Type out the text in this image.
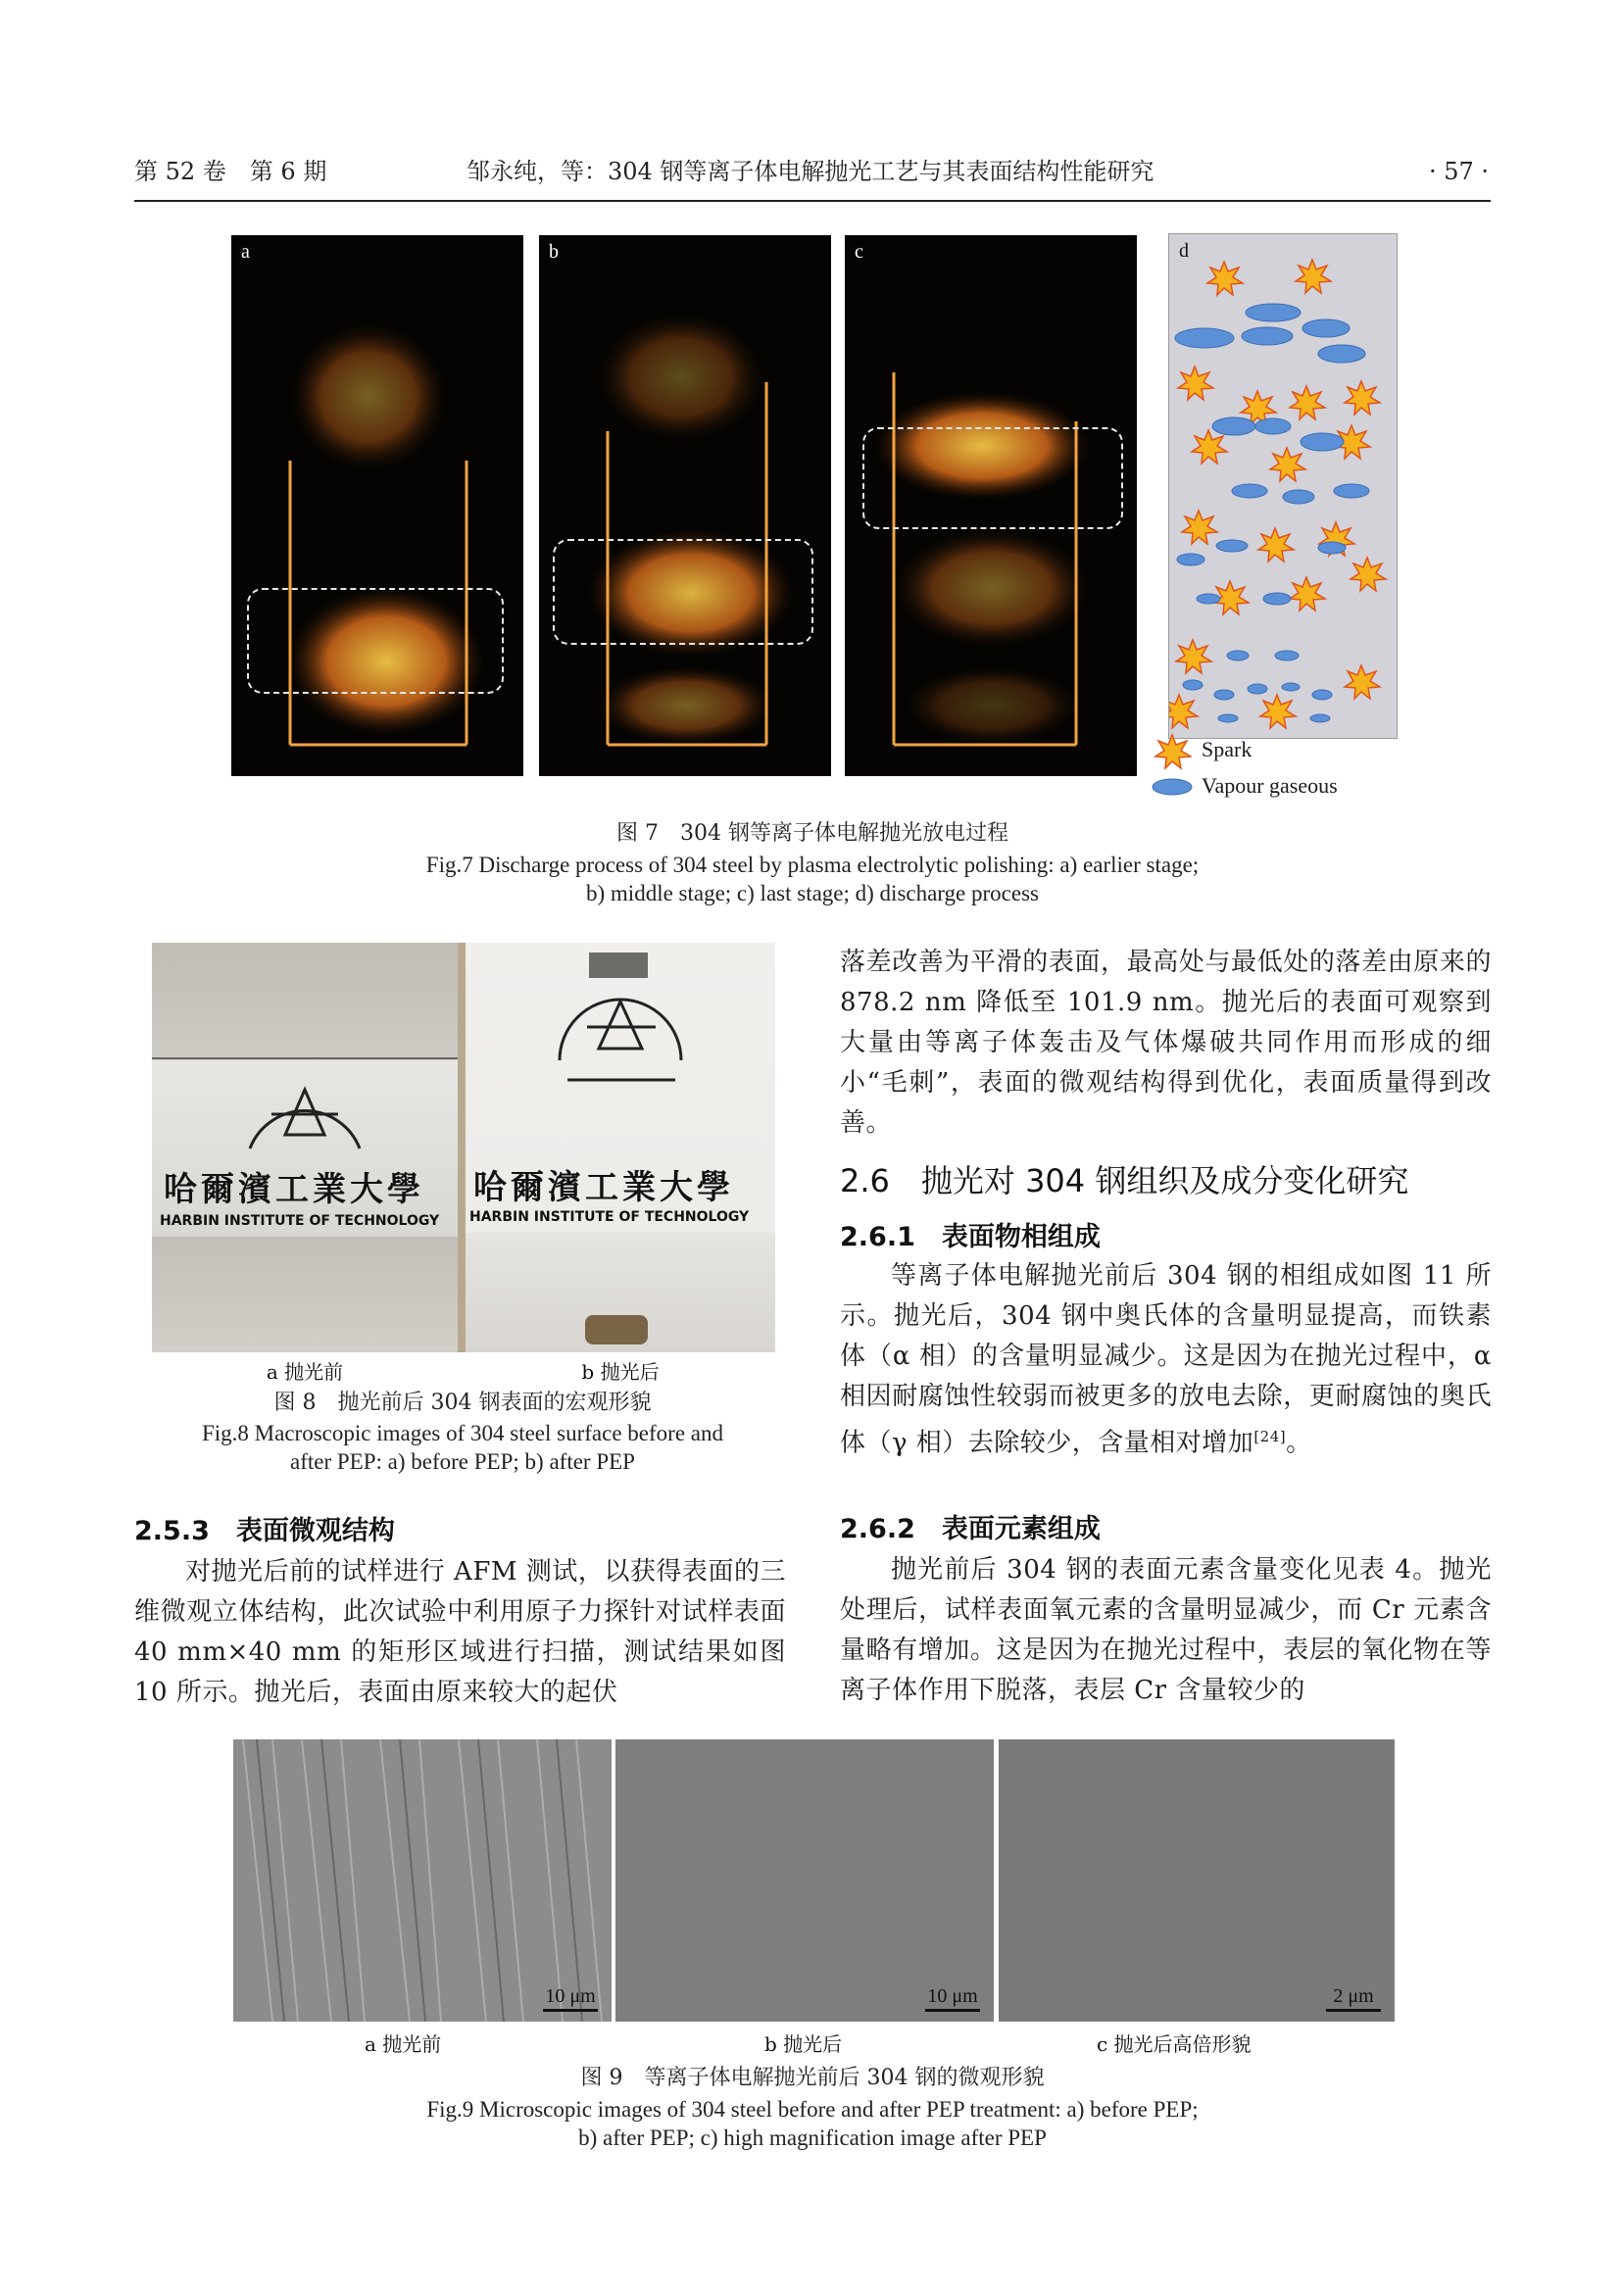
第 52 卷　第 6 期	邹永纯，等：304 钢等离子体电解抛光工艺与其表面结构性能研究	· 57 ·
a	b	c	d
Spark
Vapour gaseous
图 7　304 钢等离子体电解抛光放电过程
Fig.7 Discharge process of 304 steel by plasma electrolytic polishing: a) earlier stage;
b) middle stage; c) last stage; d) discharge process
哈爾濱工業大學
HARBIN INSTITUTE OF TECHNOLOGY
哈爾濱工業大學
HARBIN INSTITUTE OF TECHNOLOGY
a 抛光前	b 抛光后
图 8　抛光前后 304 钢表面的宏观形貌
Fig.8 Macroscopic images of 304 steel surface before and
after PEP: a) before PEP; b) after PEP
2.5.3　表面微观结构
对抛光后前的试样进行 AFM 测试，以获得表面的三维微观立体结构，此次试验中利用原子力探针对试样表面 40 mm×40 mm 的矩形区域进行扫描，测试结果如图 10 所示。抛光后，表面由原来较大的起伏
落差改善为平滑的表面，最高处与最低处的落差由原来的 878.2 nm 降低至 101.9 nm。抛光后的表面可观察到大量由等离子体轰击及气体爆破共同作用而形成的细小“毛刺”，表面的微观结构得到优化，表面质量得到改善。
2.6　抛光对 304 钢组织及成分变化研究
2.6.1　表面物相组成
等离子体电解抛光前后 304 钢的相组成如图 11 所示。抛光后，304 钢中奥氏体的含量明显提高，而铁素体（α 相）的含量明显减少。这是因为在抛光过程中，α 相因耐腐蚀性较弱而被更多的放电去除，更耐腐蚀的奥氏体（γ 相）去除较少，含量相对增加[24]。
2.6.2　表面元素组成
抛光前后 304 钢的表面元素含量变化见表 4。抛光处理后，试样表面氧元素的含量明显减少，而 Cr 元素含量略有增加。这是因为在抛光过程中，表层的氧化物在等离子体作用下脱落，表层 Cr 含量较少的
10 μm	10 μm	2 μm
a 抛光前	b 抛光后	c 抛光后高倍形貌
图 9　等离子体电解抛光前后 304 钢的微观形貌
Fig.9 Microscopic images of 304 steel before and after PEP treatment: a) before PEP;
b) after PEP; c) high magnification image after PEP
